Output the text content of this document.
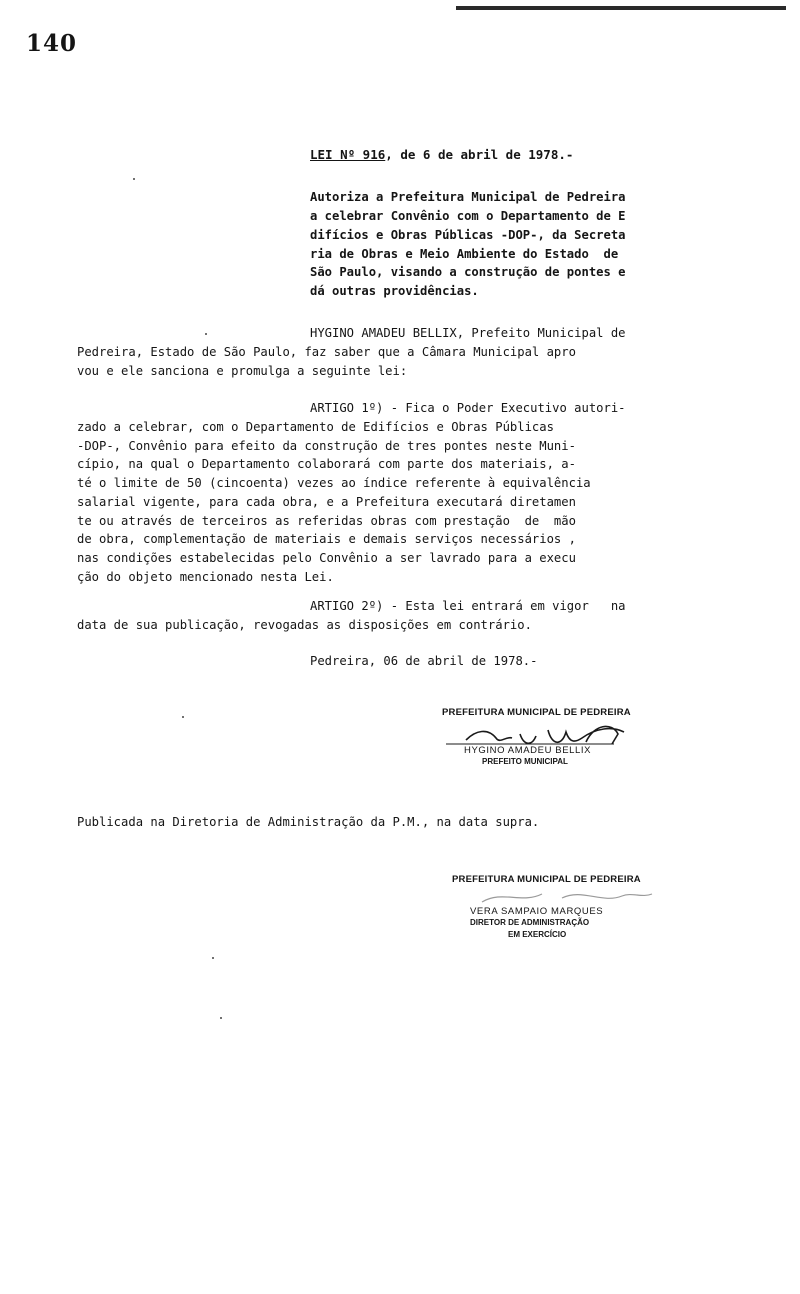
140
LEI Nº 916, de 6 de abril de 1978.-
Autoriza a Prefeitura Municipal de Pedreira
a celebrar Convênio com o Departamento de E
difícios e Obras Públicas -DOP-, da Secreta
ria de Obras e Meio Ambiente do Estado  de
São Paulo, visando a construção de pontes e
dá outras providências.
HYGINO AMADEU BELLIX, Prefeito Municipal de
Pedreira, Estado de São Paulo, faz saber que a Câmara Municipal apro
vou e ele sanciona e promulga a seguinte lei:
ARTIGO 1º) - Fica o Poder Executivo autori-
zado a celebrar, com o Departamento de Edifícios e Obras Públicas
-DOP-, Convênio para efeito da construção de tres pontes neste Muni-
cípio, na qual o Departamento colaborará com parte dos materiais, a-
té o limite de 50 (cincoenta) vezes ao índice referente à equivalência
salarial vigente, para cada obra, e a Prefeitura executará diretamen
te ou através de terceiros as referidas obras com prestação  de  mão
de obra, complementação de materiais e demais serviços necessários ,
nas condições estabelecidas pelo Convênio a ser lavrado para a execu
ção do objeto mencionado nesta Lei.
ARTIGO 2º) - Esta lei entrará em vigor   na
data de sua publicação, revogadas as disposições em contrário.
Pedreira, 06 de abril de 1978.-
PREFEITURA MUNICIPAL DE PEDREIRA
HYGINO AMADEU BELLIX
PREFEITO MUNICIPAL
Publicada na Diretoria de Administração da P.M., na data supra.
PREFEITURA MUNICIPAL DE PEDREIRA
VERA SAMPAIO MARQUES
DIRETOR DE ADMINISTRAÇÃO
EM EXERCÍCIO
